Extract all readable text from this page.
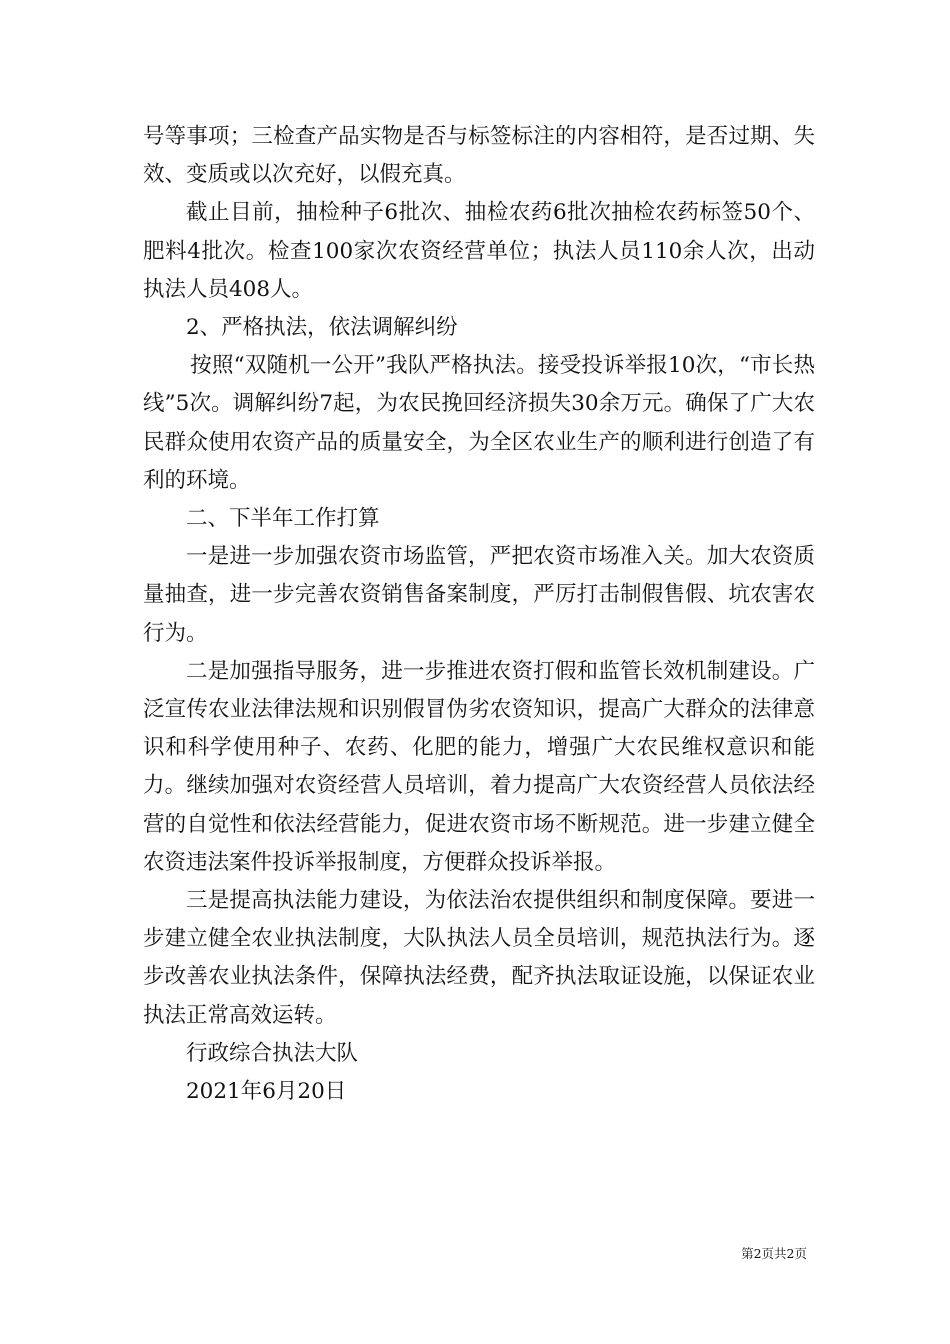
号等事项；三检查产品实物是否与标签标注的内容相符，是否过期、失效、变质或以次充好，以假充真。

截止目前，抽检种子6批次、抽检农药6批次抽检农药标签50个、肥料4批次。检查100家次农资经营单位；执法人员110余人次，出动执法人员408人。

2、严格执法，依法调解纠纷

按照“双随机一公开”我队严格执法。接受投诉举报10次，“市长热线”5次。调解纠纷7起，为农民挽回经济损失30余万元。确保了广大农民群众使用农资产品的质量安全，为全区农业生产的顺利进行创造了有利的环境。

二、下半年工作打算

一是进一步加强农资市场监管，严把农资市场准入关。加大农资质量抽查，进一步完善农资销售备案制度，严厉打击制假售假、坑农害农行为。

二是加强指导服务，进一步推进农资打假和监管长效机制建设。广泛宣传农业法律法规和识别假冒伪劣农资知识，提高广大群众的法律意识和科学使用种子、农药、化肥的能力，增强广大农民维权意识和能力。继续加强对农资经营人员培训，着力提高广大农资经营人员依法经营的自觉性和依法经营能力，促进农资市场不断规范。进一步建立健全农资违法案件投诉举报制度，方便群众投诉举报。

三是提高执法能力建设，为依法治农提供组织和制度保障。要进一步建立健全农业执法制度，大队执法人员全员培训，规范执法行为。逐步改善农业执法条件，保障执法经费，配齐执法取证设施，以保证农业执法正常高效运转。

行政综合执法大队

2021年6月20日

第2页共2页
